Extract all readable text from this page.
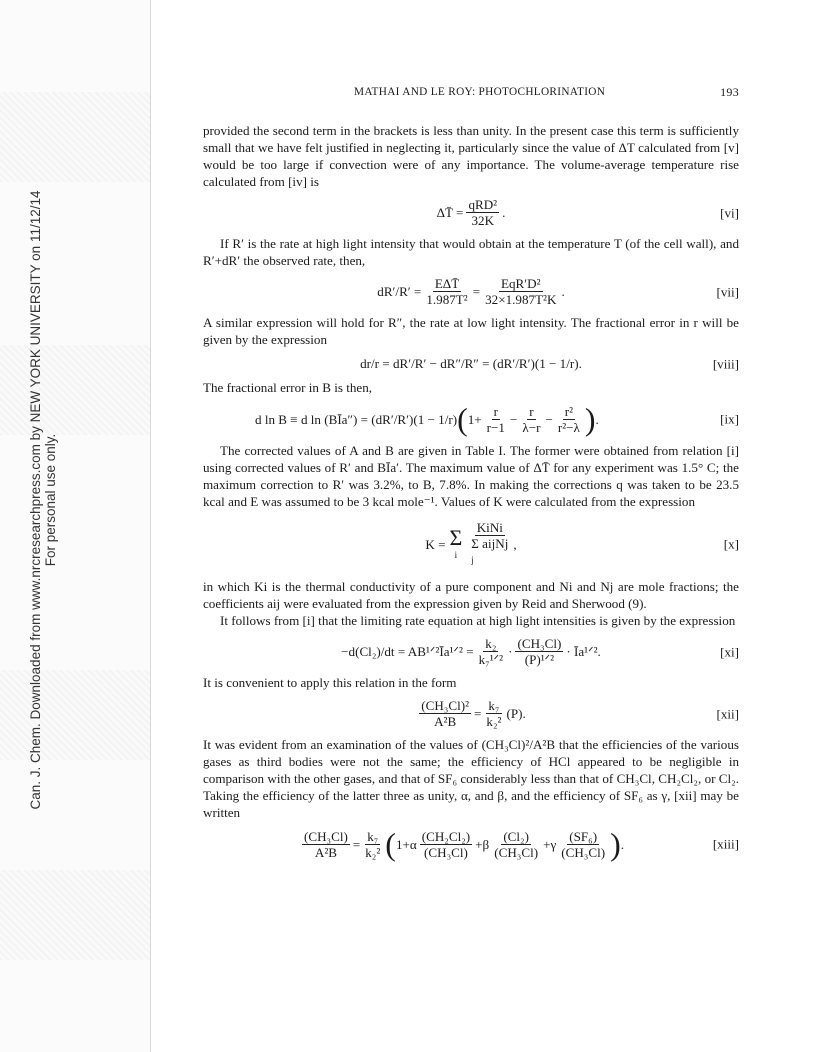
Can. J. Chem. Downloaded from www.nrcresearchpress.com by NEW YORK UNIVERSITY on 11/12/14 For personal use only.
MATHAI AND LE ROY: PHOTOCHLORINATION	193

provided the second term in the brackets is less than unity. In the present case this term is sufficiently small that we have felt justified in neglecting it, particularly since the value of ΔT calculated from [v] would be too large if convection were of any importance. The volume-average temperature rise calculated from [iv] is

ΔT̄ = $\frac{\text{qRD²}}{32K}$ .	[vi]

If R′ is the rate at high light intensity that would obtain at the temperature T (of the cell wall), and R′+dR′ the observed rate, then,

$dR'/R' = \frac{\text{EΔT̄}}{\text{1.987T²}} = \frac{\text{EqR′D²}}{\text{32×1.987T²K}}$ .	[vii]

A similar expression will hold for R″, the rate at low light intensity. The fractional error in r will be given by the expression

dr/r = dR′/R′ − dR″/R″ = (dR′/R′)(1 − 1/r).	[viii]

The fractional error in B is then,

d ln B ≡ d ln (BĪa″) = (dR′/R′)(1 − 1/r) ( $1+ \frac{r}{r-1} - \frac{r}{\lambda-r} - \frac{\text{r²}}{\text{r²−λ}}$ ) .	[ix]

The corrected values of A and B are given in Table I. The former were obtained from relation [i] using corrected values of R′ and BĪa′. The maximum value of ΔT̄ for any experiment was 1.5° C; the maximum correction to R′ was 3.2%, to B, 7.8%. In making the corrections q was taken to be 23.5 kcal and E was assumed to be 3 kcal mole⁻¹. Values of K were calculated from the expression

K = Σ
i
KiNi
Σ aijNj
j
,	[x]

in which Ki is the thermal conductivity of a pure component and Ni and Nj are mole fractions; the coefficients aij were evaluated from the expression given by Reid and Sherwood (9).

It follows from [i] that the limiting rate equation at high light intensities is given by the expression

−d(Cl₂)/dt = AB¹ᐟ²Īa¹ᐟ² = $\frac{\text{k₂}}{\text{k₇¹ᐟ²}} \cdot \frac{\text{(CH₃Cl)}}{\text{(P)¹ᐟ²}}$ · Īa¹ᐟ².	[xi]

It is convenient to apply this relation in the form

$\frac{\text{(CH₃Cl)²}}{\text{A²B}} = \frac{\text{k₇}}{\text{k₂²}} (P)$.	[xii]

It was evident from an examination of the values of (CH₃Cl)²/A²B that the efficiencies of the various gases as third bodies were not the same; the efficiency of HCl appeared to be negligible in comparison with the other gases, and that of SF₆ considerably less than that of CH₃Cl, CH₂Cl₂, or Cl₂. Taking the efficiency of the latter three as unity, α, and β, and the efficiency of SF₆ as γ, [xii] may be written

$\frac{\text{(CH₃Cl)}}{\text{A²B}} = \frac{\text{k₇}}{\text{k₂²}}$ ( $1+\alpha \frac{\text{(CH₂Cl₂)}}{\text{(CH₃Cl)}} +\beta \frac{\text{(Cl₂)}}{\text{(CH₃Cl)}} +\gamma \frac{\text{(SF₆)}}{\text{(CH₃Cl)}}$ ) .	[xiii]
